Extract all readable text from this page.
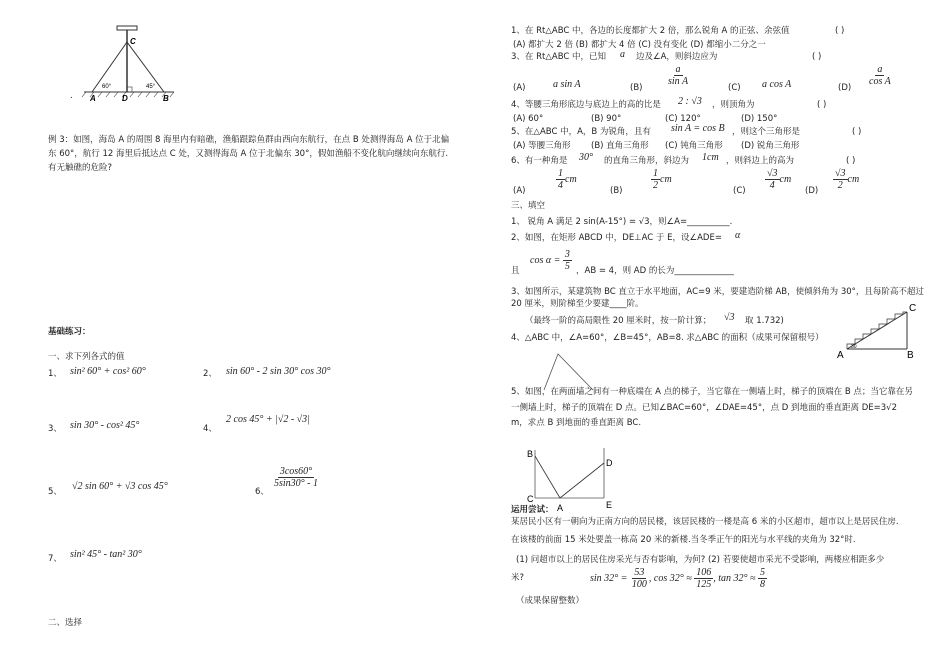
C
60°	45°
A	D	B
.
例 3：如图，海岛 A 的周围 8 海里内有暗礁，渔船跟踪鱼群由西向东航行，在点 B 处测得海岛 A 位于北偏
东 60°，航行 12 海里后抵达点 C 处，又测得海岛 A 位于北偏东 30°，假如渔船不变化航向继续向东航行.
有无触礁的危险?
基础练习：
一、求下列各式的值
1、 sin² 60° + cos² 60°	2、 sin 60° - 2 sin 30° cos 30°
3、 sin 30° - cos² 45°	4、
2 cos 45° + |√2 - √3|
5、 √2 sin 60° + √3 cos 45°	6、
$\frac{3\cos 60^\circ}{5\sin 30^\circ - 1}$
7、 sin² 45° - tan² 30°
二、选择
1、在 Rt△ABC 中，各边的长度都扩大 2 倍，那么锐角 A 的正弦、余弦值	( )
(A) 都扩大 2 倍 (B) 都扩大 4 倍 (C) 没有变化 (D) 都缩小二分之一
3、在 Rt△ABC 中，已知 a 边及∠A，则斜边应为	( )
(A)	a sin A	(B)
$\frac{a}{\text{sin A}}$
(C) a cos A	(D)
$\frac{a}{\text{cos A}}$
4、等腰三角形底边与底边上的高的比是 2 : √3 ，则顶角为	( )
(A) 60°	(B) 90°	(C) 120°	(D) 150°
5、在△ABC 中，A，B 为锐角，且有 sin A = cos B ，则这个三角形是	( )
(A) 等腰三角形 (B) 直角三角形 (C) 钝角三角形 (D) 锐角三角形
6、有一种角是 30° 的直角三角形，斜边为 1cm ，则斜边上的高为	( )
(A)	$\frac{1}{4}$ cm
(B)	$\frac{1}{2}$ cm
$(C) \frac{√3}{4}$ cm
$(D) \frac{√3}{2}$ cm
三、填空
1、 锐角 A 满足 2 sin(A-15°) = √3，则∠A=__________.
2、如图，在矩形 ABCD 中，DE⊥AC 于 E，设∠ADE= α
且
$\cos \alpha = \frac{3}{5}$ ，AB = 4，则 AD 的长为______________
3、如图所示，某建筑物 BC 直立于水平地面，AC=9 米，要建造阶梯 AB，使倾斜角为 30°，且每阶高不超过
20 厘米，则阶梯至少要建____阶。
（最终一阶的高局限性 20 厘米时，按一阶计算； √3 取 1.732)
4、△ABC 中，∠A=60°，∠B=45°，AB=8. 求△ABC 的面积（成果可保留根号）
C
A	B
30
5、如图，在两面墙之间有一种底端在 A 点的梯子，当它靠在一侧墙上时，梯子的顶端在 B 点；当它靠在另
一侧墙上时，梯子的顶端在 D 点。已知∠BAC=60°，∠DAE=45°，点 D 到地面的垂直距离 DE=3√2
m，求点 B 到地面的垂直距离 BC.
B
D
C
A	E
运用尝试：
某居民小区有一朝向为正南方向的居民楼，该居民楼的一楼是高 6 米的小区超市，超市以上是居民住房.
在该楼的前面 15 米处要盖一栋高 20 米的新楼.当冬季正午的阳光与水平线的夹角为 32°时.
(1) 问超市以上的居民住房采光与否有影响，为何? (2) 若要使超市采光不受影响，两楼应相距多少
米?	$\sin 32^\circ = \frac{53}{100}$ , $\cos 32^\circ \approx \frac{106}{125}$ , $\tan 32^\circ \approx \frac{5}{8}$
（成果保留整数）
